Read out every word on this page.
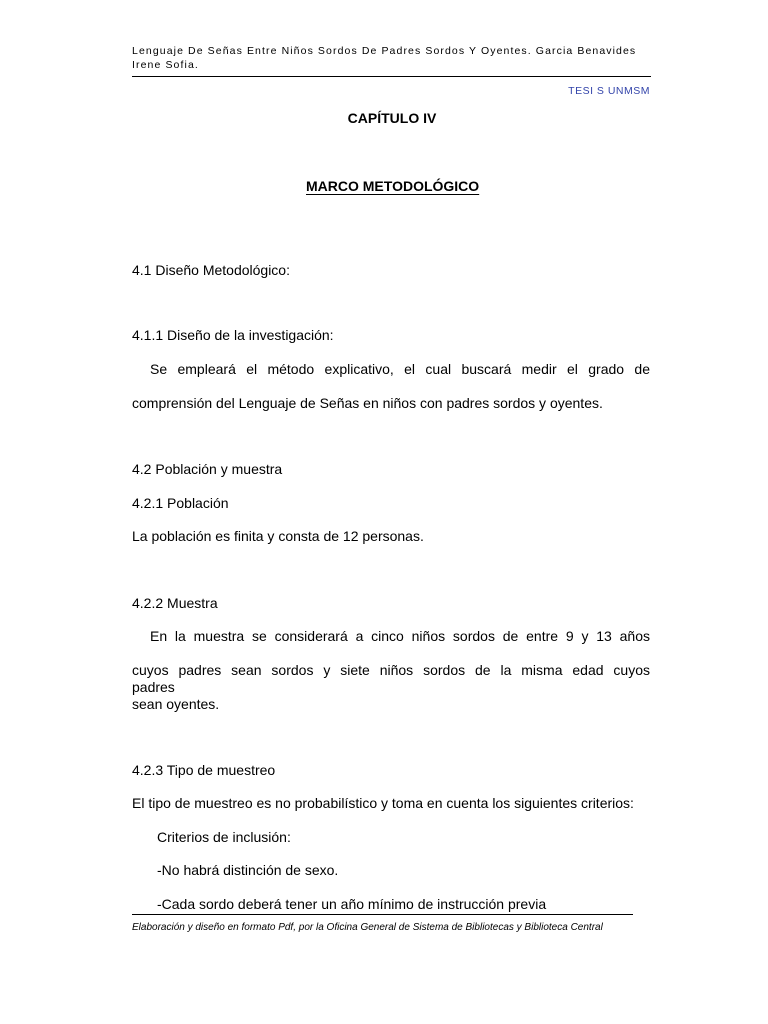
Lenguaje De Señas Entre Niños Sordos De Padres Sordos Y Oyentes. Garcia Benavides Irene Sofia.
TESI S UNMSM
CAPÍTULO IV
MARCO METODOLÓGICO
4.1 Diseño Metodológico:
4.1.1 Diseño de la investigación:
Se empleará el método explicativo, el cual buscará medir el grado de
comprensión del Lenguaje de Señas en niños con padres sordos y oyentes.
4.2 Población y muestra
4.2.1 Población
La población es finita y consta de 12 personas.
4.2.2 Muestra
En la muestra se considerará a cinco niños sordos de entre 9 y 13 años
cuyos padres sean sordos y siete niños sordos de la misma edad cuyos padres
sean oyentes.
4.2.3 Tipo de muestreo
El tipo de muestreo es no probabilístico y toma en cuenta los siguientes criterios:
Criterios de inclusión:
-No habrá distinción de sexo.
-Cada sordo deberá tener un año mínimo de instrucción previa
Elaboración y diseño en formato Pdf, por la Oficina General de Sistema de Bibliotecas y Biblioteca Central
